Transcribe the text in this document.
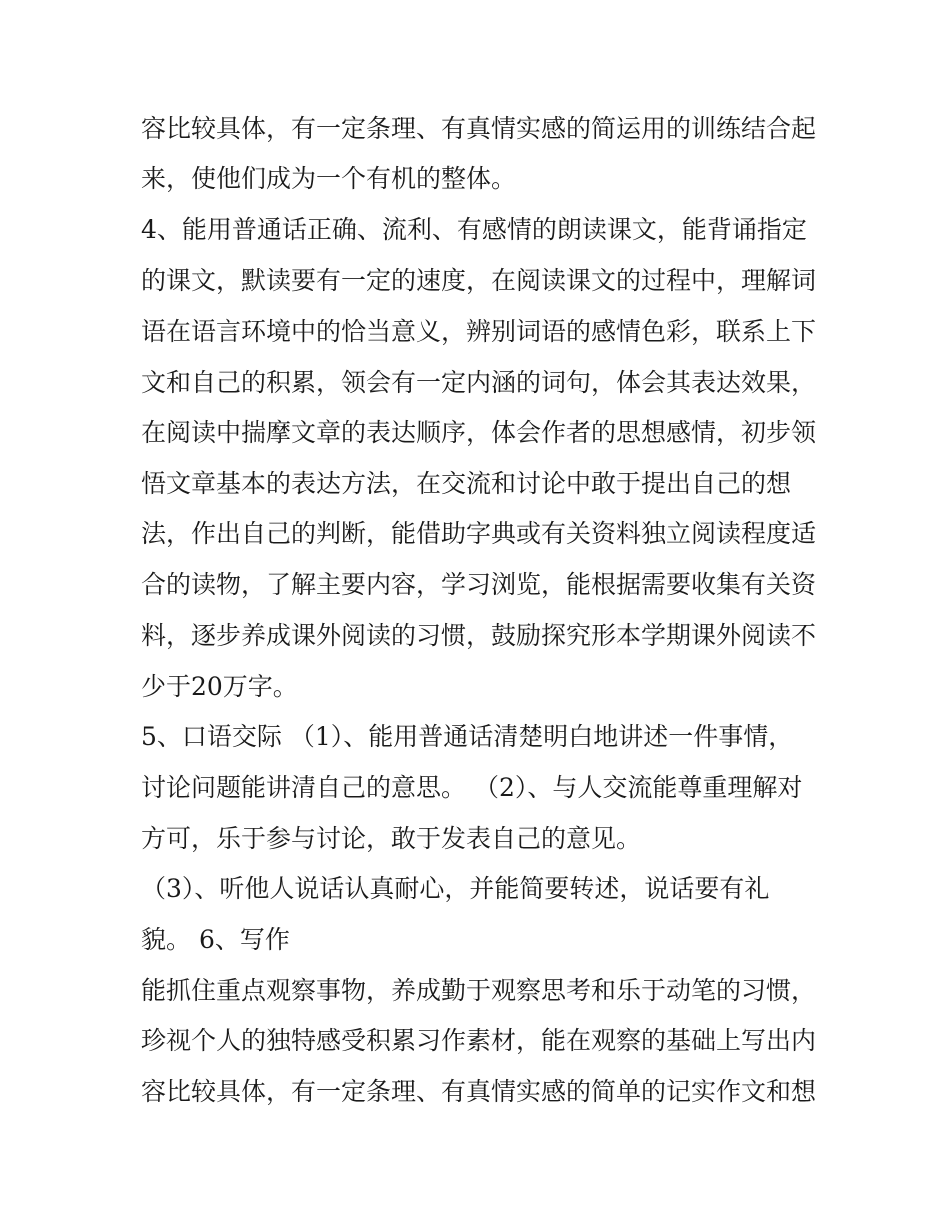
容比较具体，有一定条理、有真情实感的简运用的训练结合起
来，使他们成为一个有机的整体。
4、能用普通话正确、流利、有感情的朗读课文，能背诵指定
的课文，默读要有一定的速度，在阅读课文的过程中，理解词
语在语言环境中的恰当意义，辨别词语的感情色彩，联系上下
文和自己的积累，领会有一定内涵的词句，体会其表达效果，
在阅读中揣摩文章的表达顺序，体会作者的思想感情，初步领
悟文章基本的表达方法，在交流和讨论中敢于提出自己的想
法，作出自己的判断，能借助字典或有关资料独立阅读程度适
合的读物，了解主要内容，学习浏览，能根据需要收集有关资
料，逐步养成课外阅读的习惯，鼓励探究形本学期课外阅读不
少于20万字。
5、口语交际 （1）、能用普通话清楚明白地讲述一件事情，
讨论问题能讲清自己的意思。 （2）、与人交流能尊重理解对
方可，乐于参与讨论，敢于发表自己的意见。
（3）、听他人说话认真耐心，并能简要转述，说话要有礼
貌。 6、写作
能抓住重点观察事物，养成勤于观察思考和乐于动笔的习惯，
珍视个人的独特感受积累习作素材，能在观察的基础上写出内
容比较具体，有一定条理、有真情实感的简单的记实作文和想
